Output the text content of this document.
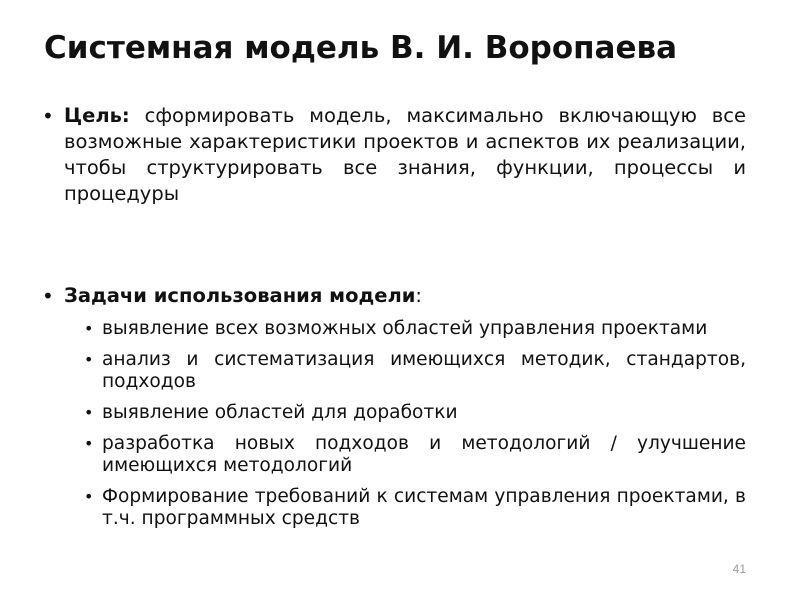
Системная модель В. И. Воропаева
• Цель: сформировать модель, максимально включающую все возможные характеристики проектов и аспектов их реализации, чтобы структурировать все знания, функции, процессы и процедуры
• Задачи использования модели:
• выявление всех возможных областей управления проектами
• анализ и систематизация имеющихся методик, стандартов, подходов
• выявление областей для доработки
• разработка новых подходов и методологий / улучшение имеющихся методологий
• Формирование требований к системам управления проектами, в т.ч. программных средств
41
